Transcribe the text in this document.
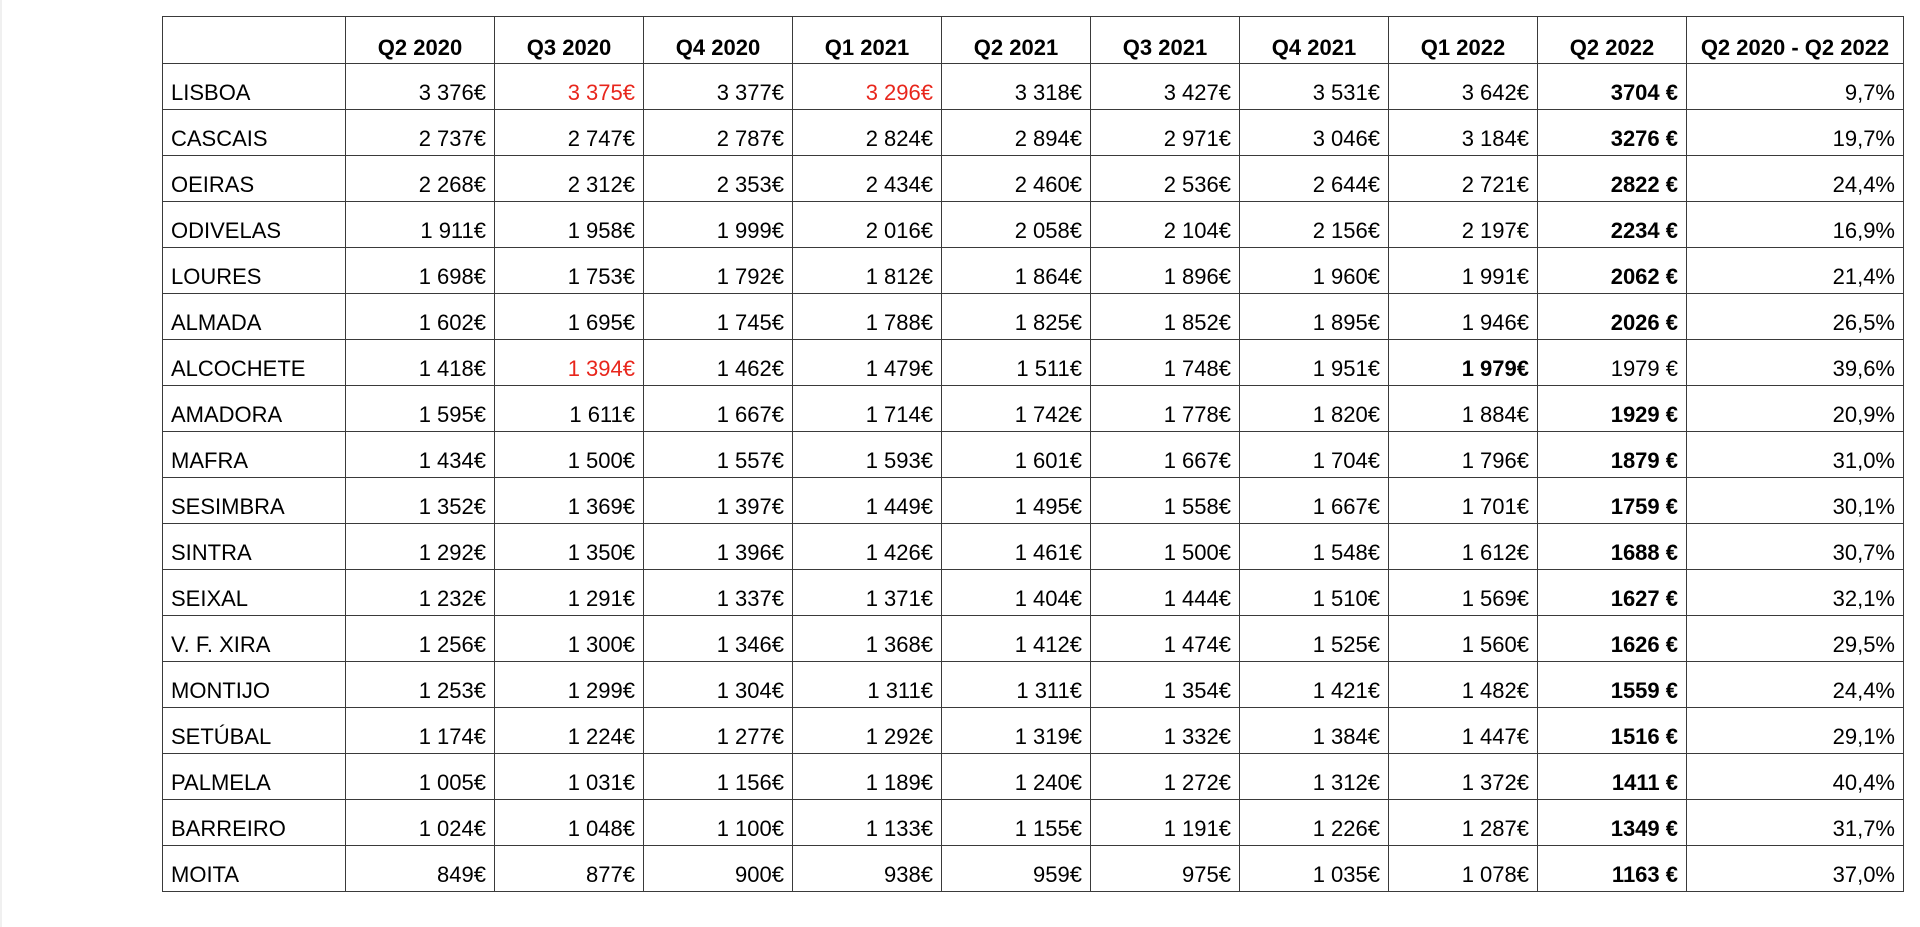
	Q2 2020	Q3 2020	Q4 2020	Q1 2021	Q2 2021	Q3 2021	Q4 2021	Q1 2022	Q2 2022	Q2 2020 - Q2 2022
LISBOA	3 376€	3 375€	3 377€	3 296€	3 318€	3 427€	3 531€	3 642€	3704 €	9,7%
CASCAIS	2 737€	2 747€	2 787€	2 824€	2 894€	2 971€	3 046€	3 184€	3276 €	19,7%
OEIRAS	2 268€	2 312€	2 353€	2 434€	2 460€	2 536€	2 644€	2 721€	2822 €	24,4%
ODIVELAS	1 911€	1 958€	1 999€	2 016€	2 058€	2 104€	2 156€	2 197€	2234 €	16,9%
LOURES	1 698€	1 753€	1 792€	1 812€	1 864€	1 896€	1 960€	1 991€	2062 €	21,4%
ALMADA	1 602€	1 695€	1 745€	1 788€	1 825€	1 852€	1 895€	1 946€	2026 €	26,5%
ALCOCHETE	1 418€	1 394€	1 462€	1 479€	1 511€	1 748€	1 951€	1 979€	1979 €	39,6%
AMADORA	1 595€	1 611€	1 667€	1 714€	1 742€	1 778€	1 820€	1 884€	1929 €	20,9%
MAFRA	1 434€	1 500€	1 557€	1 593€	1 601€	1 667€	1 704€	1 796€	1879 €	31,0%
SESIMBRA	1 352€	1 369€	1 397€	1 449€	1 495€	1 558€	1 667€	1 701€	1759 €	30,1%
SINTRA	1 292€	1 350€	1 396€	1 426€	1 461€	1 500€	1 548€	1 612€	1688 €	30,7%
SEIXAL	1 232€	1 291€	1 337€	1 371€	1 404€	1 444€	1 510€	1 569€	1627 €	32,1%
V. F. XIRA	1 256€	1 300€	1 346€	1 368€	1 412€	1 474€	1 525€	1 560€	1626 €	29,5%
MONTIJO	1 253€	1 299€	1 304€	1 311€	1 311€	1 354€	1 421€	1 482€	1559 €	24,4%
SETÚBAL	1 174€	1 224€	1 277€	1 292€	1 319€	1 332€	1 384€	1 447€	1516 €	29,1%
PALMELA	1 005€	1 031€	1 156€	1 189€	1 240€	1 272€	1 312€	1 372€	1411 €	40,4%
BARREIRO	1 024€	1 048€	1 100€	1 133€	1 155€	1 191€	1 226€	1 287€	1349 €	31,7%
MOITA	849€	877€	900€	938€	959€	975€	1 035€	1 078€	1163 €	37,0%
